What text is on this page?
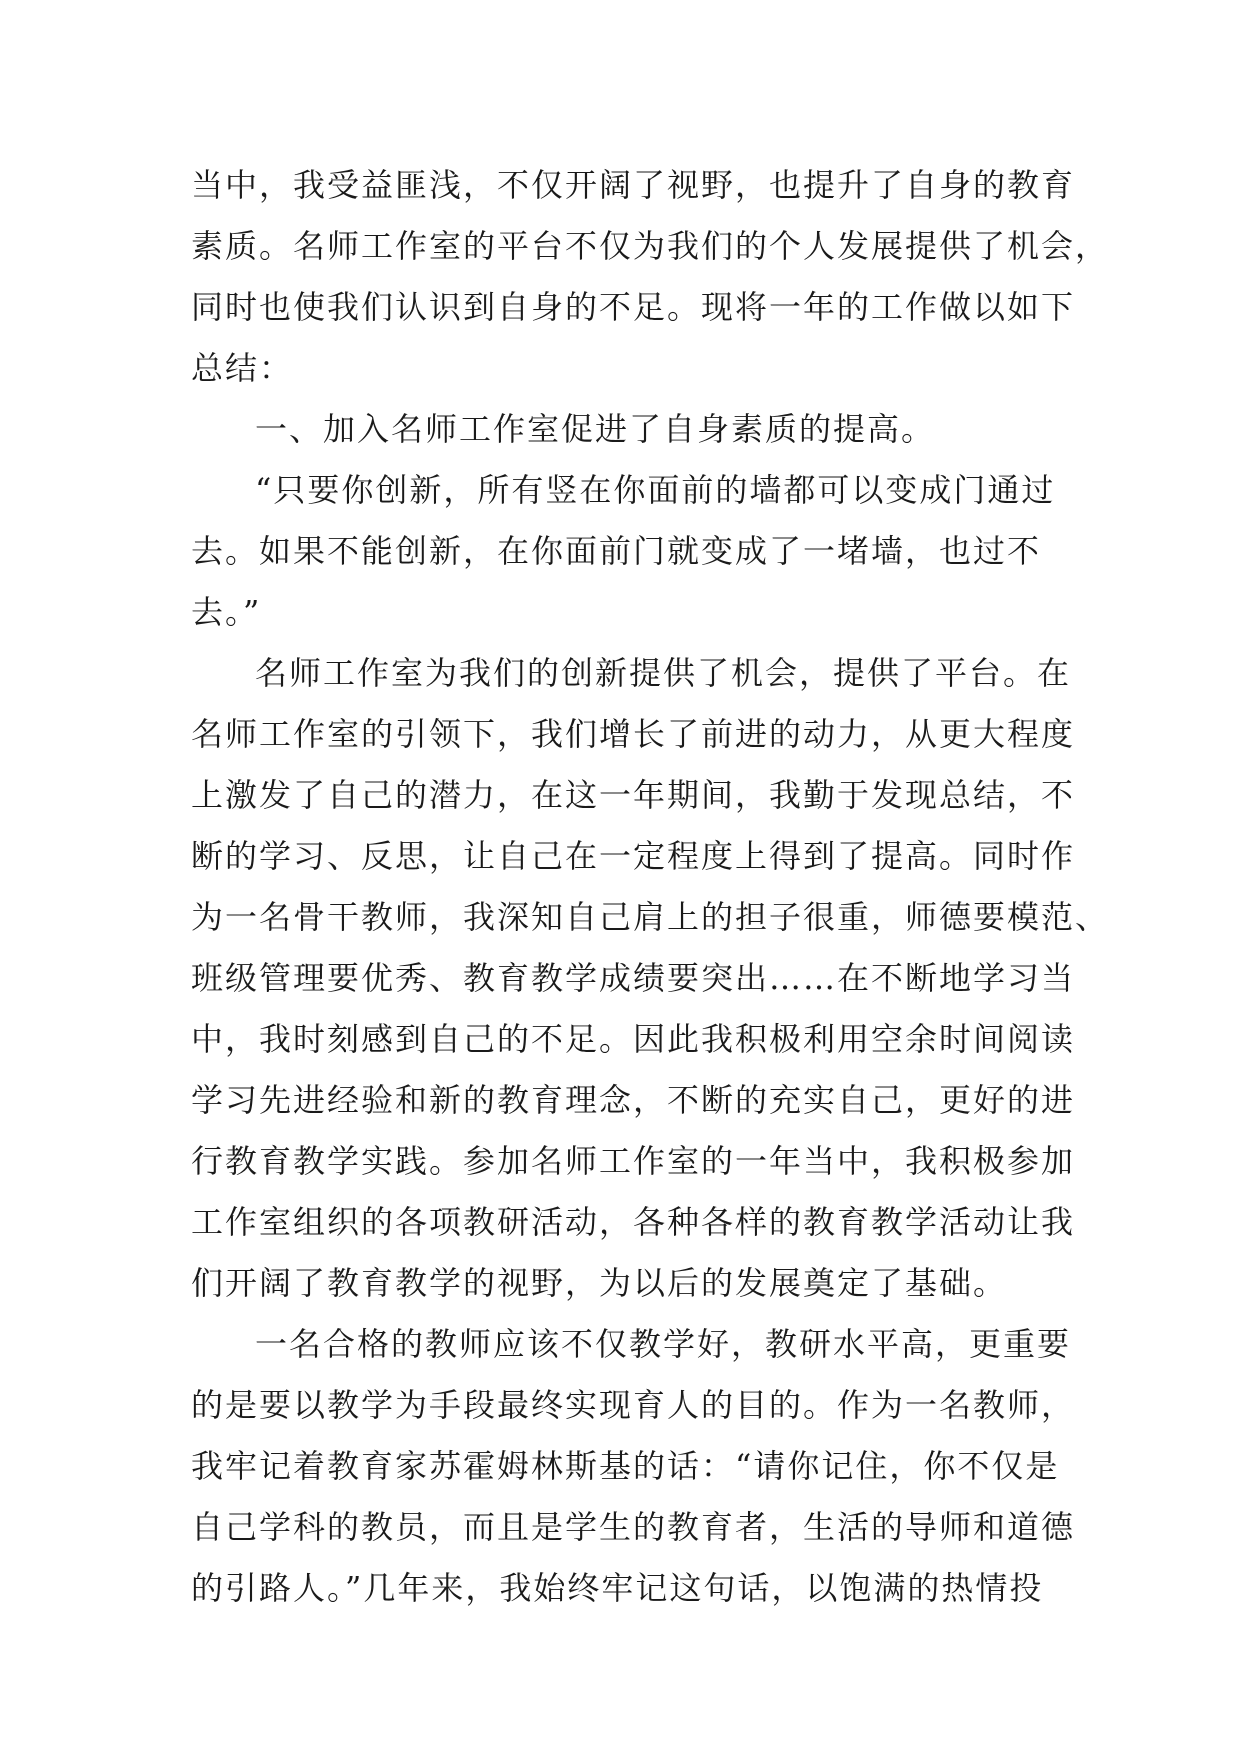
当中，我受益匪浅，不仅开阔了视野，也提升了自身的教育
素质。名师工作室的平台不仅为我们的个人发展提供了机会，
同时也使我们认识到自身的不足。现将一年的工作做以如下
总结：
一、加入名师工作室促进了自身素质的提高。
“只要你创新，所有竖在你面前的墙都可以变成门通过
去。如果不能创新，在你面前门就变成了一堵墙，也过不
去。”
名师工作室为我们的创新提供了机会，提供了平台。在
名师工作室的引领下，我们增长了前进的动力，从更大程度
上激发了自己的潜力，在这一年期间，我勤于发现总结，不
断的学习、反思，让自己在一定程度上得到了提高。同时作
为一名骨干教师，我深知自己肩上的担子很重，师德要模范、
班级管理要优秀、教育教学成绩要突出……在不断地学习当
中，我时刻感到自己的不足。因此我积极利用空余时间阅读
学习先进经验和新的教育理念，不断的充实自己，更好的进
行教育教学实践。参加名师工作室的一年当中，我积极参加
工作室组织的各项教研活动，各种各样的教育教学活动让我
们开阔了教育教学的视野，为以后的发展奠定了基础。
一名合格的教师应该不仅教学好，教研水平高，更重要
的是要以教学为手段最终实现育人的目的。作为一名教师，
我牢记着教育家苏霍姆林斯基的话：“请你记住，你不仅是
自己学科的教员，而且是学生的教育者，生活的导师和道德
的引路人。”几年来，我始终牢记这句话，以饱满的热情投
